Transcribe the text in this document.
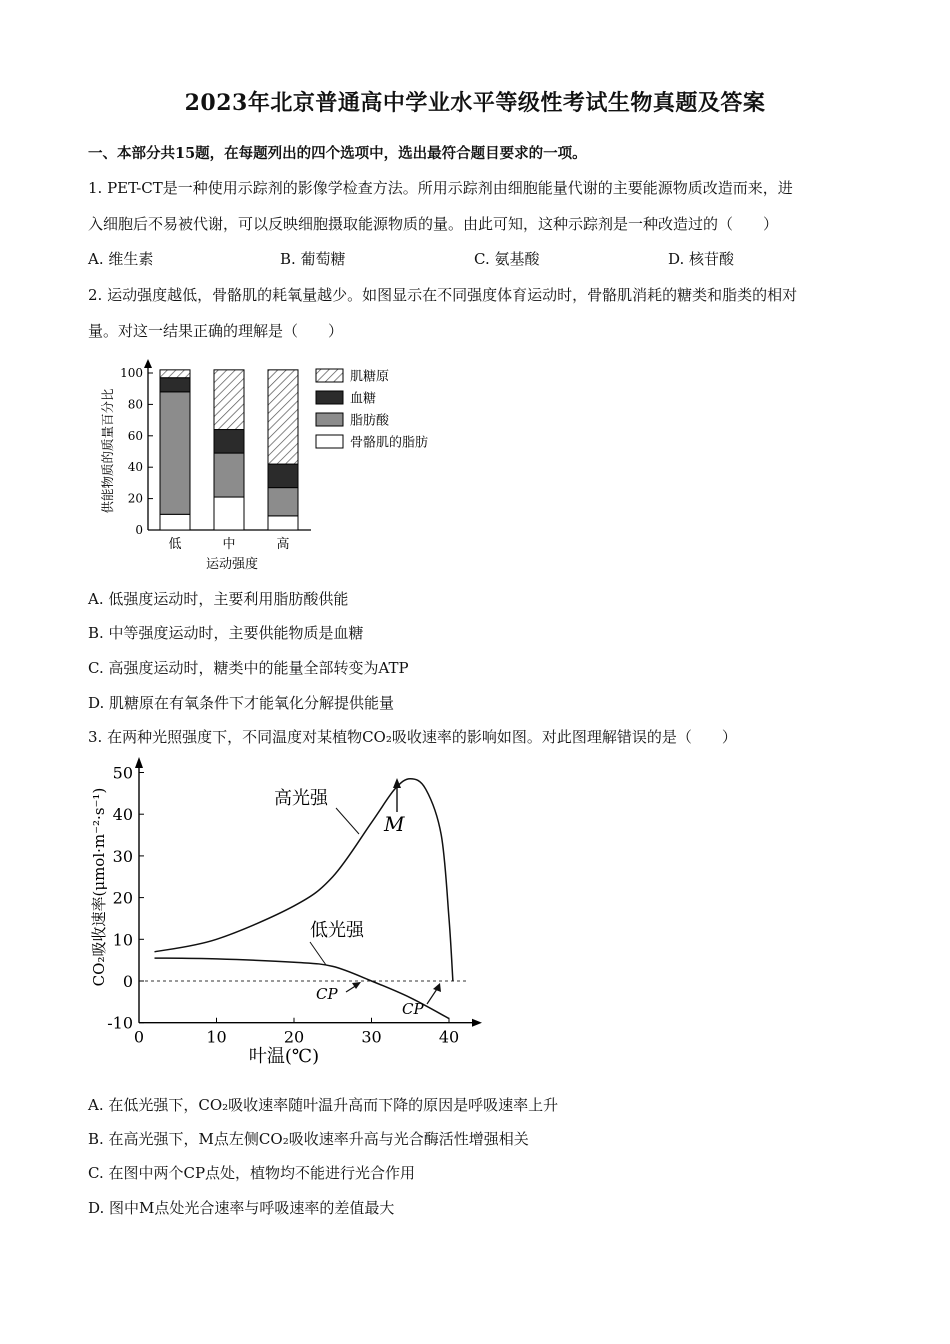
2023年北京普通高中学业水平等级性考试生物真题及答案
一、本部分共15题，在每题列出的四个选项中，选出最符合题目要求的一项。
1. PET-CT是一种使用示踪剂的影像学检查方法。所用示踪剂由细胞能量代谢的主要能源物质改造而来，进
入细胞后不易被代谢，可以反映细胞摄取能源物质的量。由此可知，这种示踪剂是一种改造过的（　　）
A. 维生素	B. 葡萄糖	C. 氨基酸	D. 核苷酸
2. 运动强度越低，骨骼肌的耗氧量越少。如图显示在不同强度体育运动时，骨骼肌消耗的糖类和脂类的相对
量。对这一结果正确的理解是（　　）
0
20
40
60
80
100
供能物质的质量百分比
低	中	高
运动强度
肌糖原
血糖
脂肪酸
骨骼肌的脂肪
A. 低强度运动时，主要利用脂肪酸供能
B. 中等强度运动时，主要供能物质是血糖
C. 高强度运动时，糖类中的能量全部转变为ATP
D. 肌糖原在有氧条件下才能氧化分解提供能量
3. 在两种光照强度下，不同温度对某植物CO₂吸收速率的影响如图。对此图理解错误的是（　　）
-10
0
10
20
30
40
50
0	10	20	30	40
叶温(℃)
CO₂吸收速率(μmol·m⁻²·s⁻¹)	高光强
低光强
M
CP
CP
A. 在低光强下，CO₂吸收速率随叶温升高而下降的原因是呼吸速率上升
B. 在高光强下，M点左侧CO₂吸收速率升高与光合酶活性增强相关
C. 在图中两个CP点处，植物均不能进行光合作用
D. 图中M点处光合速率与呼吸速率的差值最大
